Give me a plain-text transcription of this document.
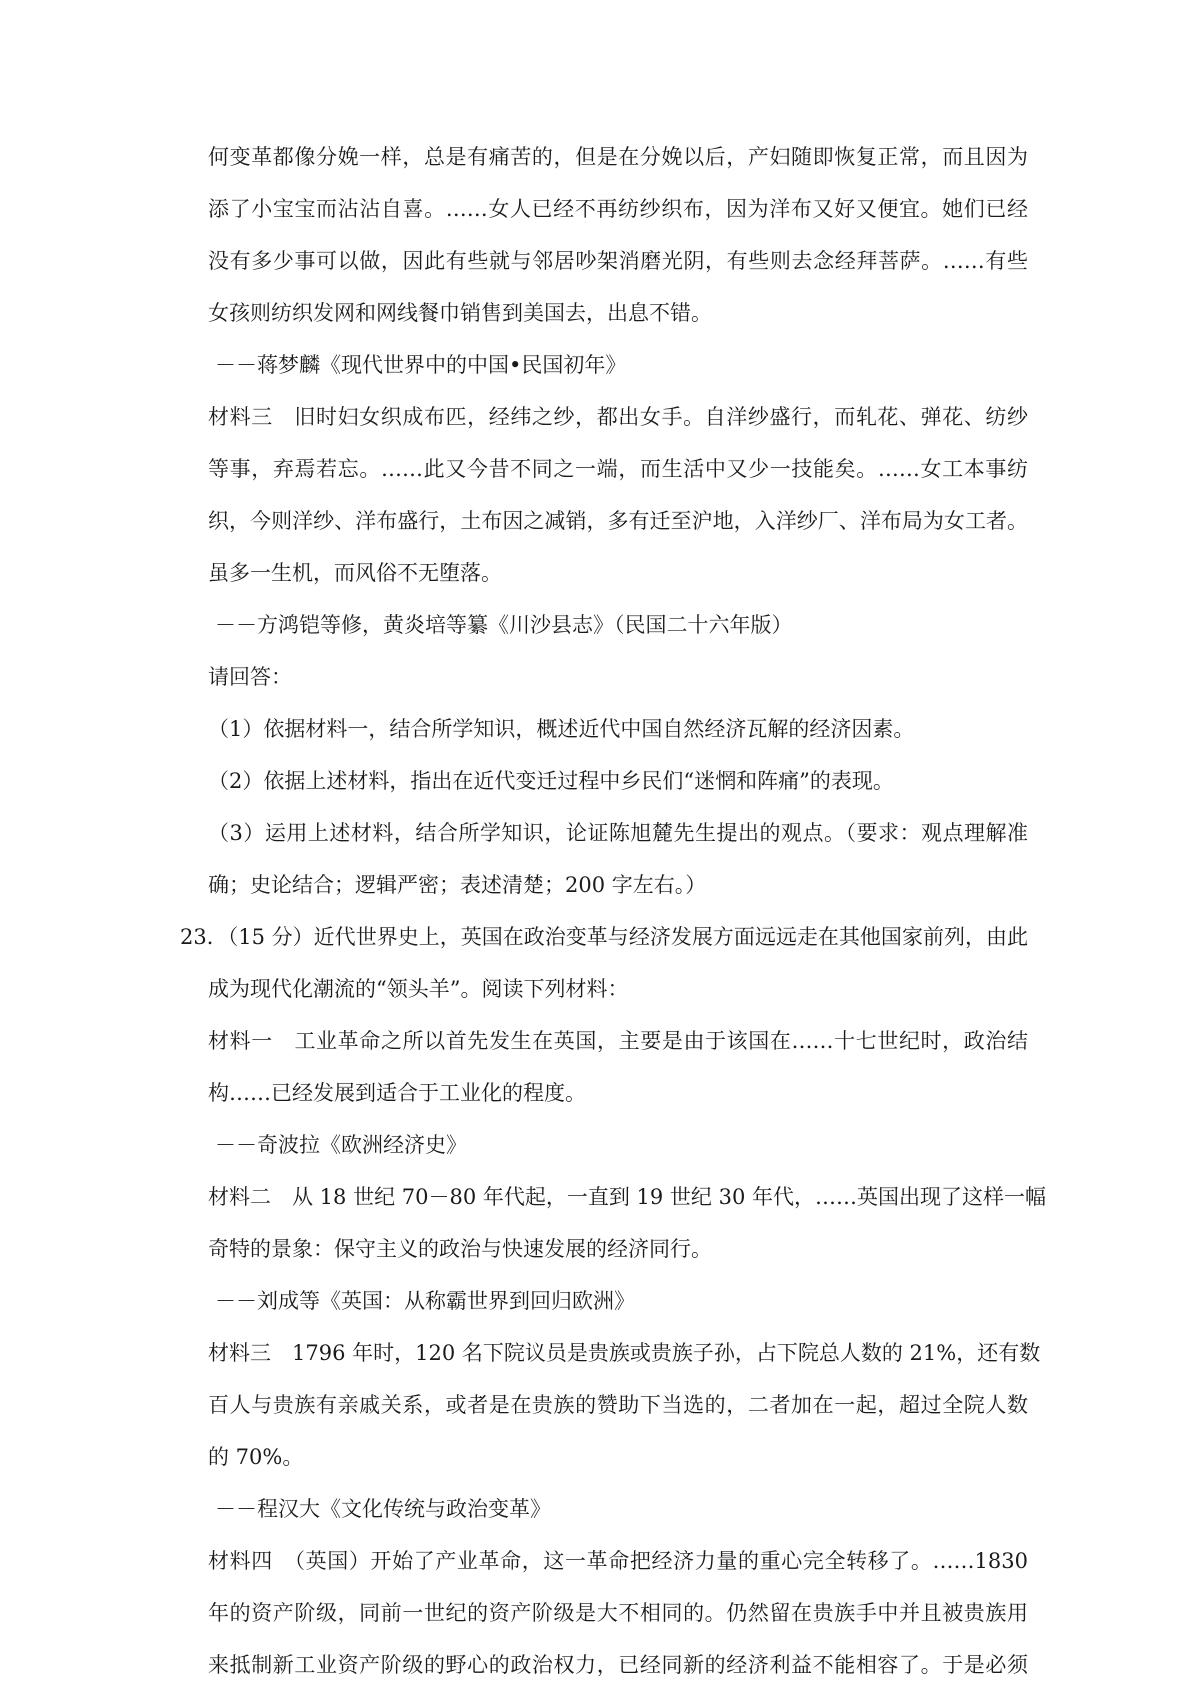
何变革都像分娩一样，总是有痛苦的，但是在分娩以后，产妇随即恢复正常，而且因为
添了小宝宝而沾沾自喜。……女人已经不再纺纱织布，因为洋布又好又便宜。她们已经
没有多少事可以做，因此有些就与邻居吵架消磨光阴，有些则去念经拜菩萨。……有些
女孩则纺织发网和网线餐巾销售到美国去，出息不错。
－－蒋梦麟《现代世界中的中国•民国初年》
材料三　旧时妇女织成布匹，经纬之纱，都出女手。自洋纱盛行，而轧花、弹花、纺纱
等事，弃焉若忘。……此又今昔不同之一端，而生活中又少一技能矣。……女工本事纺
织，今则洋纱、洋布盛行，土布因之减销，多有迁至沪地，入洋纱厂、洋布局为女工者。
虽多一生机，而风俗不无堕落。
－－方鸿铠等修，黄炎培等纂《川沙县志》（民国二十六年版）
请回答：
（1）依据材料一，结合所学知识，概述近代中国自然经济瓦解的经济因素。
（2）依据上述材料，指出在近代变迁过程中乡民们“迷惘和阵痛”的表现。
（3）运用上述材料，结合所学知识，论证陈旭麓先生提出的观点。（要求：观点理解准
确；史论结合；逻辑严密；表述清楚；200 字左右。）
23．（15 分）近代世界史上，英国在政治变革与经济发展方面远远走在其他国家前列，由此
成为现代化潮流的“领头羊”。阅读下列材料：
材料一　工业革命之所以首先发生在英国，主要是由于该国在……十七世纪时，政治结
构……已经发展到适合于工业化的程度。
－－奇波拉《欧洲经济史》
材料二　从 18 世纪 70－80 年代起，一直到 19 世纪 30 年代，……英国出现了这样一幅
奇特的景象：保守主义的政治与快速发展的经济同行。
－－刘成等《英国：从称霸世界到回归欧洲》
材料三　1796 年时，120 名下院议员是贵族或贵族子孙，占下院总人数的 21%，还有数
百人与贵族有亲戚关系，或者是在贵族的赞助下当选的，二者加在一起，超过全院人数
的 70%。
－－程汉大《文化传统与政治变革》
材料四　（英国）开始了产业革命，这一革命把经济力量的重心完全转移了。……1830
年的资产阶级，同前一世纪的资产阶级是大不相同的。仍然留在贵族手中并且被贵族用
来抵制新工业资产阶级的野心的政治权力，已经同新的经济利益不能相容了。于是必须
